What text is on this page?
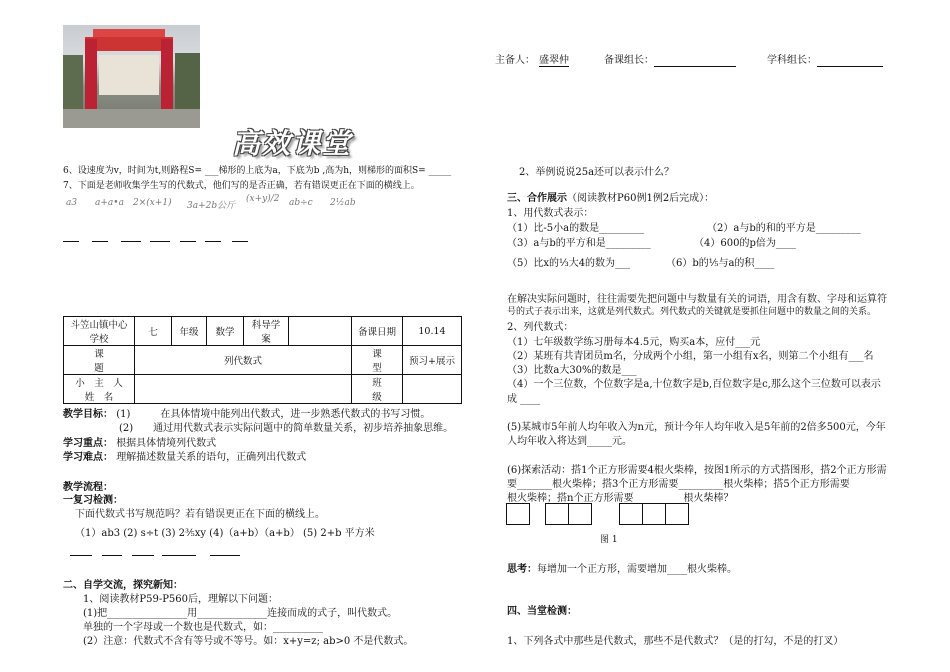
主备人： 盛翠仲	备课组长：	学科组长：
高效课堂
6、设速度为v，时间为t,则路程S= ___梯形的上底为a，下底为b ,高为h，则梯形的面积S= _____
7、下面是老师收集学生写的代数式，他们写的是否正确，若有错误更正在下面的横线上。
a3 a+a•a 2×(x+1) 3a+2b公斤
(x+y)/2 ab÷c 2½ab
斗笠山镇中心学校	七	年级	数学	科导学案		备课日期	10.14
课　　　　　题	列代数式					课　　　型	预习+展示
小　主　人　　姓　名						班　　　级	
教学目标： (1)　　　在具体情境中能列出代数式，进一步熟悉代数式的书写习惯。
(2)　　通过用代数式表示实际问题中的简单数量关系，初步培养抽象思维。
学习重点： 根据具体情境列代数式
学习难点： 理解描述数量关系的语句，正确列出代数式
教学流程：
一复习检测：
下面代数式书写规范吗？若有错误更正在下面的横线上。
（1）ab3 (2) s÷t (3) 2⅗xy (4)（a+b）（a+b） (5) 2+b 平方米
二、自学交流，探究新知：
1、阅读教材P59-P560后，理解以下问题：
(1)把________________用______________连接而成的式子，叫代数式。
单独的一个字母或一个数也是代数式，如：__________
(2）注意：代数式不含有等号或不等号。如：x+y=z; ab>0 不是代数式。
2、举例说说25a还可以表示什么？
三、合作展示（阅读教材P60例1例2后完成）：
1、用代数式表示：
（1）比-5小a的数是_________	（2）a与b的和的平方是_________
（3）a与b的平方和是_________	（4）600的p倍为____
（5）比x的⅓大4的数为___	（6）b的⅕与a的积____
在解决实际问题时，往往需要先把问题中与数量有关的词语，用含有数、字母和运算符
号的式子表示出来，这就是列代数式。列代数式的关键就是要抓住问题中的数量之间的关系。
2、列代数式：
（1）七年级数学练习册每本4.5元，购买a本，应付___元
（2）某班有共青团员m名，分成两个小组，第一小组有x名，则第二个小组有___名
（3）比数a大30%的数是___
（4）一个三位数，个位数字是a,十位数字是b,百位数字是c,那么这个三位数可以表示
成 ____
(5)某城市5年前人均年收入为n元，预计今年人均年收入是5年前的2倍多500元，今年
人均年收入将达到_____元。
(6)探索活动：搭1个正方形需要4根火柴棒，按图1所示的方式搭图形，搭2个正方形需
要_______根火柴棒；搭3个正方形需要_________根火柴棒；搭5个正方形需要
根火柴棒；搭n个正方形需要__________根火柴棒？
图 1
思考：每增加一个正方形，需要增加____根火柴棒。
四、当堂检测：
1、下列各式中那些是代数式，那些不是代数式？（是的打勾，不是的打叉）
